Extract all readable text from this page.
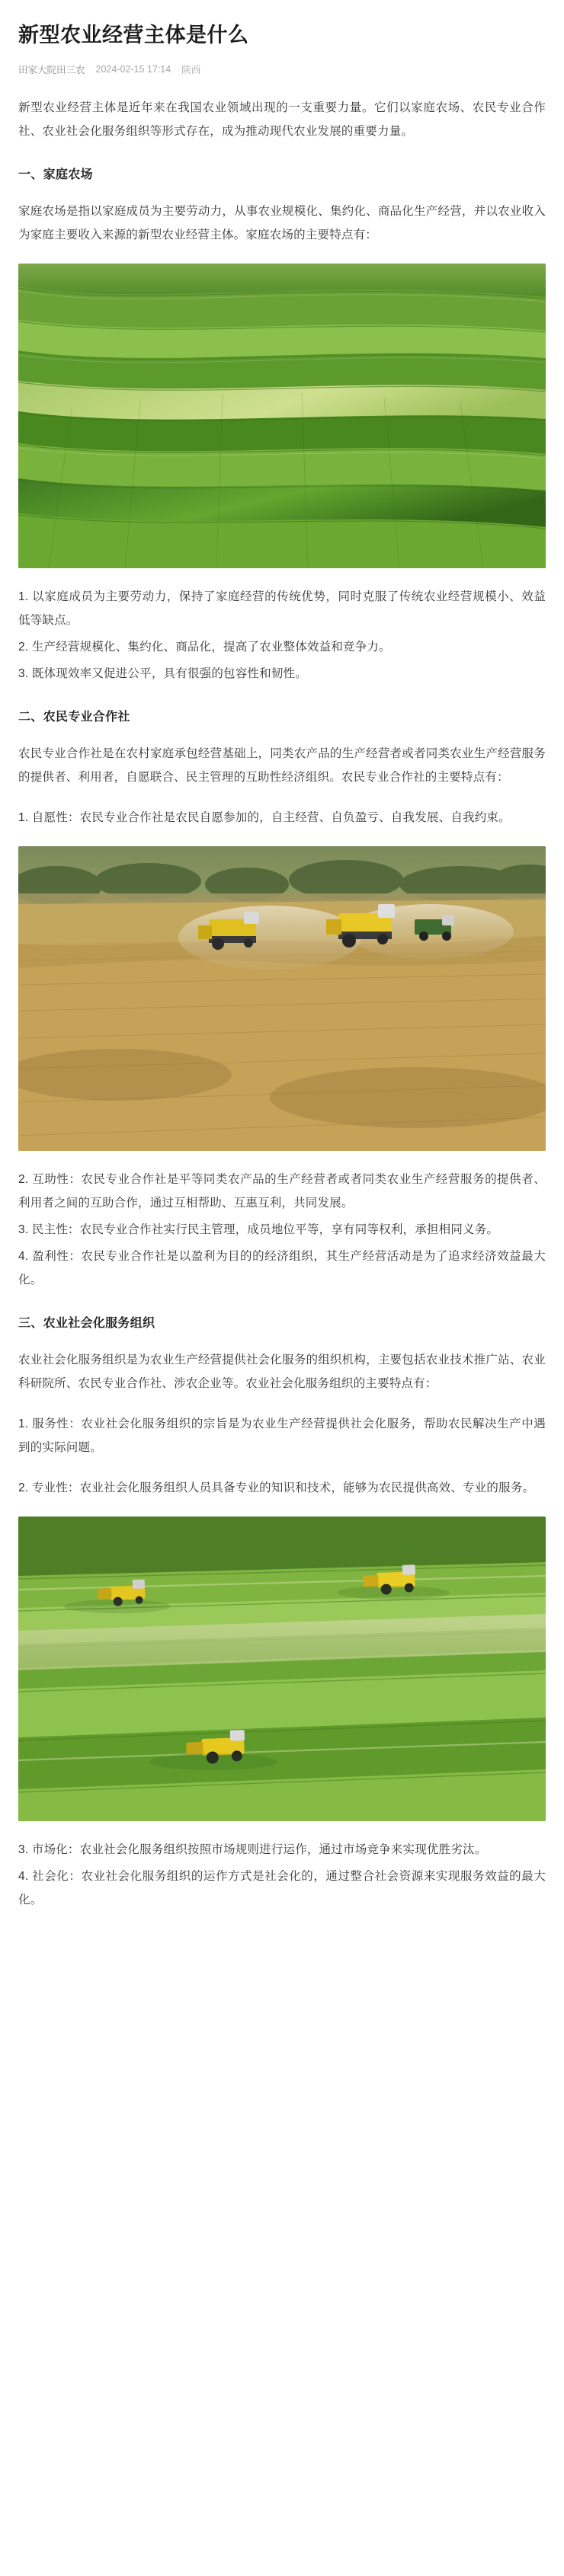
新型农业经营主体是什么
田家大院田三农 2024-02-15 17:14 陕西

新型农业经营主体是近年来在我国农业领域出现的一支重要力量。它们以家庭农场、农民专业合作社、农业社会化服务组织等形式存在，成为推动现代农业发展的重要力量。

一、家庭农场

家庭农场是指以家庭成员为主要劳动力，从事农业规模化、集约化、商品化生产经营，并以农业收入为家庭主要收入来源的新型农业经营主体。家庭农场的主要特点有：

1. 以家庭成员为主要劳动力，保持了家庭经营的传统优势，同时克服了传统农业经营规模小、效益低等缺点。

2. 生产经营规模化、集约化、商品化，提高了农业整体效益和竞争力。

3. 既体现效率又促进公平，具有很强的包容性和韧性。

二、农民专业合作社

农民专业合作社是在农村家庭承包经营基础上，同类农产品的生产经营者或者同类农业生产经营服务的提供者、利用者，自愿联合、民主管理的互助性经济组织。农民专业合作社的主要特点有：

1. 自愿性：农民专业合作社是农民自愿参加的，自主经营、自负盈亏、自我发展、自我约束。

2. 互助性：农民专业合作社是平等同类农产品的生产经营者或者同类农业生产经营服务的提供者、利用者之间的互助合作，通过互相帮助、互惠互利，共同发展。

3. 民主性：农民专业合作社实行民主管理，成员地位平等，享有同等权利，承担相同义务。

4. 盈利性：农民专业合作社是以盈利为目的的经济组织，其生产经营活动是为了追求经济效益最大化。

三、农业社会化服务组织

农业社会化服务组织是为农业生产经营提供社会化服务的组织机构，主要包括农业技术推广站、农业科研院所、农民专业合作社、涉农企业等。农业社会化服务组织的主要特点有：

1. 服务性：农业社会化服务组织的宗旨是为农业生产经营提供社会化服务，帮助农民解决生产中遇到的实际问题。

2. 专业性：农业社会化服务组织人员具备专业的知识和技术，能够为农民提供高效、专业的服务。

3. 市场化：农业社会化服务组织按照市场规则进行运作，通过市场竞争来实现优胜劣汰。

4. 社会化：农业社会化服务组织的运作方式是社会化的，通过整合社会资源来实现服务效益的最大化。
